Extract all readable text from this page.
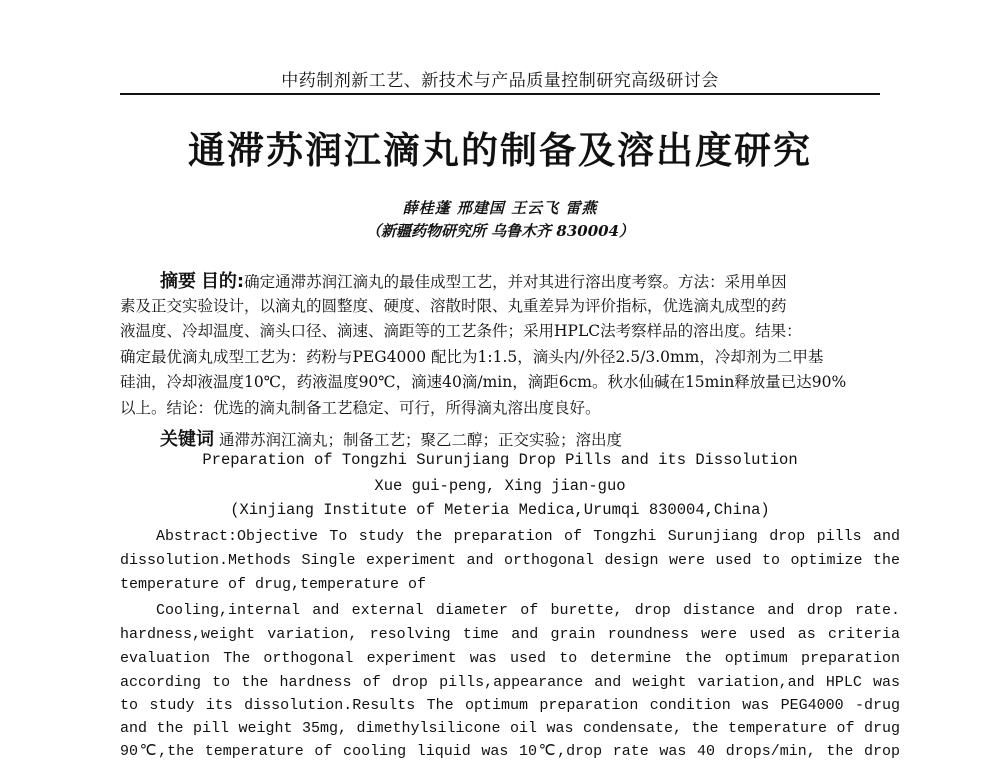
中药制剂新工艺、新技术与产品质量控制研究高级研讨会
通滞苏润江滴丸的制备及溶出度研究
薛桂蓬 邢建国 王云飞 雷燕
（新疆药物研究所 乌鲁木齐 830004）
摘要 目的:确定通滞苏润江滴丸的最佳成型工艺，并对其进行溶出度考察。方法：采用单因
素及正交实验设计，以滴丸的圆整度、硬度、溶散时限、丸重差异为评价指标，优选滴丸成型的药
液温度、冷却温度、滴头口径、滴速、滴距等的工艺条件；采用HPLC法考察样品的溶出度。结果：
确定最优滴丸成型工艺为：药粉与PEG4000 配比为1:1.5，滴头内/外径2.5/3.0mm，冷却剂为二甲基
硅油，冷却液温度10℃，药液温度90℃，滴速40滴/min，滴距6cm。秋水仙碱在15min释放量已达90%
以上。结论：优选的滴丸制备工艺稳定、可行，所得滴丸溶出度良好。
关键词 通滞苏润江滴丸；制备工艺；聚乙二醇；正交实验；溶出度
Preparation of Tongzhi Surunjiang Drop Pills and its Dissolution
Xue gui-peng, Xing jian-guo
(Xinjiang Institute of Meteria Medica,Urumqi 830004,China)
Abstract:Objective To study the preparation of Tongzhi Surunjiang drop pills and
dissolution.Methods Single experiment and orthogonal design were used to optimize the
temperature of drug,temperature of
Cooling,internal and external diameter of burette, drop distance and drop rate.
hardness,weight variation, resolving time and grain roundness were used as criteria
evaluation The orthogonal experiment was used to determine the optimum preparation
according to the hardness of drop pills,appearance and weight variation,and HPLC was
to study its dissolution.Results The optimum preparation condition was PEG4000 -drug
and the pill weight 35mg, dimethylsilicone oil was condensate, the temperature of drug
90℃,the temperature of cooling liquid was 10℃,drop rate was 40 drops/min, the drop
